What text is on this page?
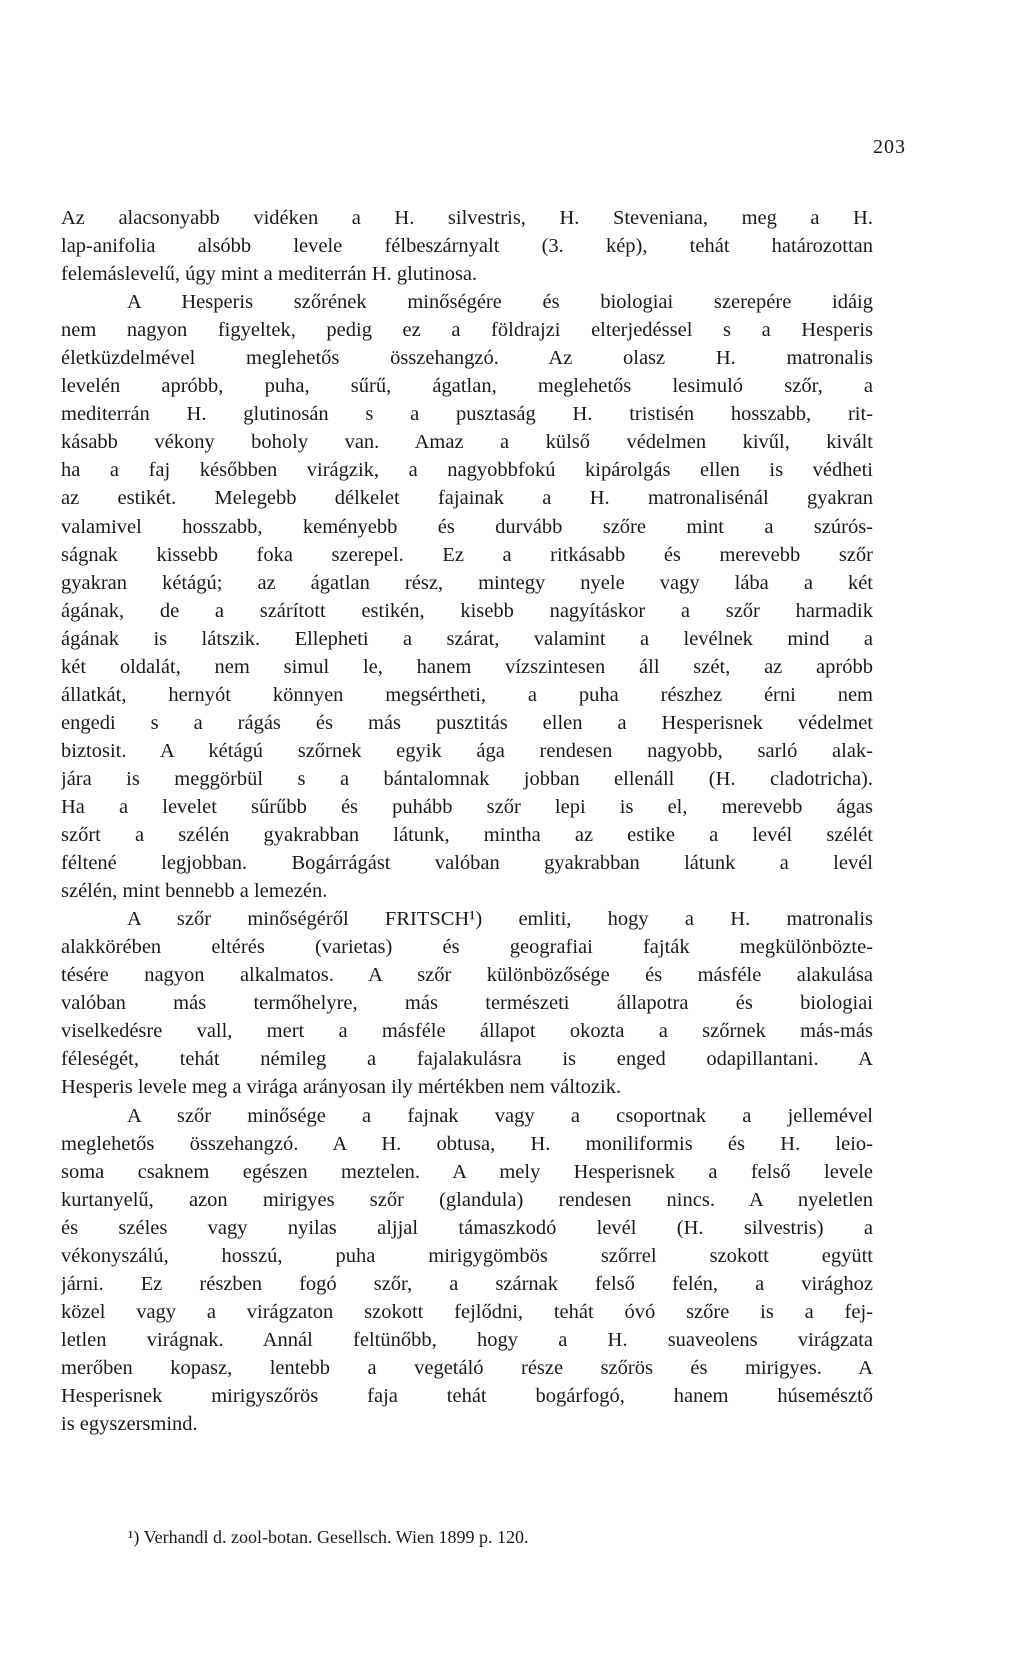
203
Az alacsonyabb vidéken a H. silvestris, H. Steveniana, meg a H.
lap-anifolia alsóbb levele félbeszárnyalt (3. kép), tehát határozottan
felemáslevelű, úgy mint a mediterrán H. glutinosa.
A Hesperis szőrének minőségére és biologiai szerepére idáig
nem nagyon figyeltek, pedig ez a földrajzi elterjedéssel s a Hesperis
életküzdelmével meglehetős összehangzó. Az olasz H. matronalis
levelén apróbb, puha, sűrű, ágatlan, meglehetős lesimuló szőr, a
mediterrán H. glutinosán s a pusztaság H. tristisén hosszabb, rit-
kásabb vékony boholy van. Amaz a külső védelmen kivűl, kivált
ha a faj későbben virágzik, a nagyobbfokú kipárolgás ellen is védheti
az estikét. Melegebb délkelet fajainak a H. matronalisénál gyakran
valamivel hosszabb, keményebb és durvább szőre mint a szúrós-
ságnak kissebb foka szerepel. Ez a ritkásabb és merevebb szőr
gyakran kétágú; az ágatlan rész, mintegy nyele vagy lába a két
ágának, de a szárított estikén, kisebb nagyításkor a szőr harmadik
ágának is látszik. Ellepheti a szárat, valamint a levélnek mind a
két oldalát, nem simul le, hanem vízszintesen áll szét, az apróbb
állatkát, hernyót könnyen megsértheti, a puha részhez érni nem
engedi s a rágás és más pusztitás ellen a Hesperisnek védelmet
biztosit. A kétágú szőrnek egyik ága rendesen nagyobb, sarló alak-
jára is meggörbül s a bántalomnak jobban ellenáll (H. cladotricha).
Ha a levelet sűrűbb és puhább szőr lepi is el, merevebb ágas
szőrt a szélén gyakrabban látunk, mintha az estike a levél szélét
féltené legjobban. Bogárrágást valóban gyakrabban látunk a levél
szélén, mint bennebb a lemezén.
A szőr minőségéről FRITSCH¹) emliti, hogy a H. matronalis
alakkörében eltérés (varietas) és geografiai fajták megkülönbözte-
tésére nagyon alkalmatos. A szőr különbözősége és másféle alakulása
valóban más termőhelyre, más természeti állapotra és biologiai
viselkedésre vall, mert a másféle állapot okozta a szőrnek más-más
féleségét, tehát némileg a fajalakulásra is enged odapillantani. A
Hesperis levele meg a virága arányosan ily mértékben nem változik.
A szőr minősége a fajnak vagy a csoportnak a jellemével
meglehetős összehangzó. A H. obtusa, H. moniliformis és H. leio-
soma csaknem egészen meztelen. A mely Hesperisnek a felső levele
kurtanyelű, azon mirigyes szőr (glandula) rendesen nincs. A nyeletlen
és széles vagy nyilas aljjal támaszkodó levél (H. silvestris) a
vékonyszálú, hosszú, puha mirigygömbös szőrrel szokott együtt
járni. Ez részben fogó szőr, a szárnak felső felén, a virághoz
közel vagy a virágzaton szokott fejlődni, tehát óvó szőre is a fej-
letlen virágnak. Annál feltünőbb, hogy a H. suaveolens virágzata
merőben kopasz, lentebb a vegetáló része szőrös és mirigyes. A
Hesperisnek mirigyszőrös faja tehát bogárfogó, hanem húsemésztő
is egyszersmind.
¹) Verhandl d. zool-botan. Gesellsch. Wien 1899 p. 120.
